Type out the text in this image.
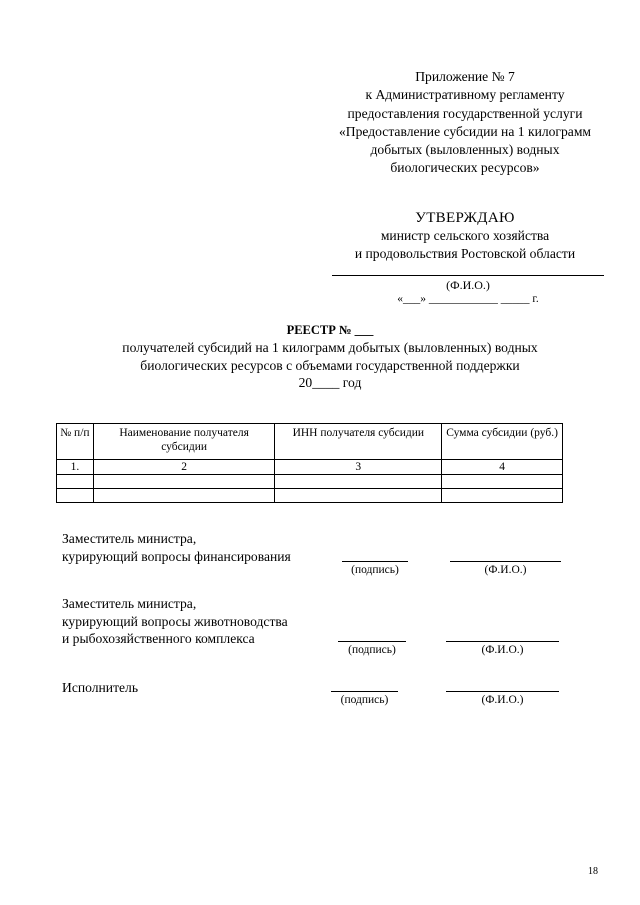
Приложение № 7
к Административному регламенту
предоставления государственной услуги
«Предоставление субсидии на 1 килограмм
добытых (выловленных) водных
биологических ресурсов»
УТВЕРЖДАЮ
министр сельского хозяйства
и продовольствия Ростовской области
(Ф.И.О.)
«___» ____________ _____ г.
РЕЕСТР № ___
получателей субсидий на 1 килограмм добытых (выловленных) водных
биологических ресурсов с объемами государственной поддержки
20____ год
№ п/п	Наименование получателя субсидии	ИНН получателя субсидии	Сумма субсидии (руб.)
1.	2	3	4

Заместитель министра,
курирующий вопросы финансирования
(подпись)	(Ф.И.О.)
Заместитель министра,
курирующий вопросы животноводства
и рыбохозяйственного комплекса
(подпись)	(Ф.И.О.)
Исполнитель
(подпись)	(Ф.И.О.)
18
